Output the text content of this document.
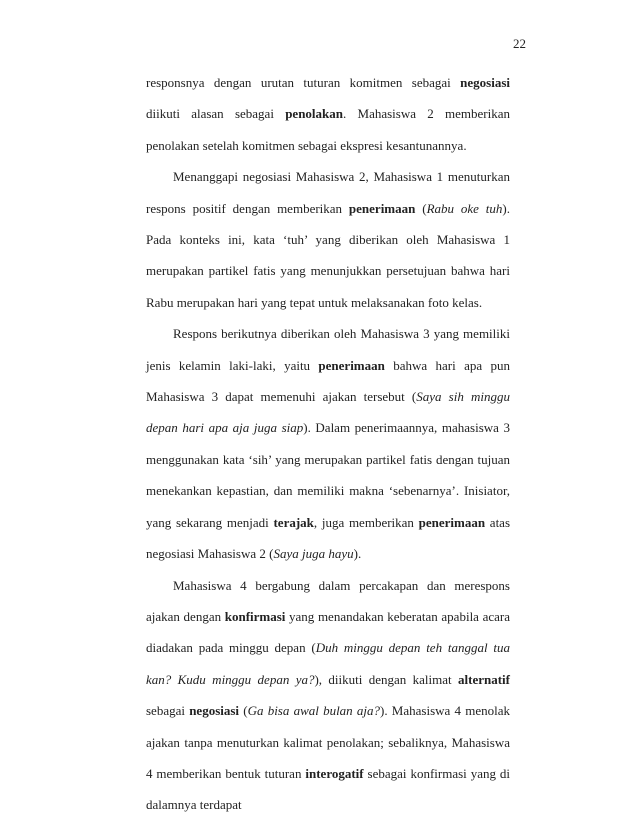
22

responsnya dengan urutan tuturan komitmen sebagai negosiasi diikuti alasan sebagai penolakan. Mahasiswa 2 memberikan penolakan setelah komitmen sebagai ekspresi kesantunannya.

Menanggapi negosiasi Mahasiswa 2, Mahasiswa 1 menuturkan respons positif dengan memberikan penerimaan (Rabu oke tuh). Pada konteks ini, kata ‘tuh’ yang diberikan oleh Mahasiswa 1 merupakan partikel fatis yang menunjukkan persetujuan bahwa hari Rabu merupakan hari yang tepat untuk melaksanakan foto kelas.

Respons berikutnya diberikan oleh Mahasiswa 3 yang memiliki jenis kelamin laki-laki, yaitu penerimaan bahwa hari apa pun Mahasiswa 3 dapat memenuhi ajakan tersebut (Saya sih minggu depan hari apa aja juga siap). Dalam penerimaannya, mahasiswa 3 menggunakan kata ‘sih’ yang merupakan partikel fatis dengan tujuan menekankan kepastian, dan memiliki makna ‘sebenarnya’. Inisiator, yang sekarang menjadi terajak, juga memberikan penerimaan atas negosiasi Mahasiswa 2 (Saya juga hayu).

Mahasiswa 4 bergabung dalam percakapan dan merespons ajakan dengan konfirmasi yang menandakan keberatan apabila acara diadakan pada minggu depan (Duh minggu depan teh tanggal tua kan? Kudu minggu depan ya?), diikuti dengan kalimat alternatif sebagai negosiasi (Ga bisa awal bulan aja?). Mahasiswa 4 menolak ajakan tanpa menuturkan kalimat penolakan; sebaliknya, Mahasiswa 4 memberikan bentuk tuturan interogatif sebagai konfirmasi yang di dalamnya terdapat
